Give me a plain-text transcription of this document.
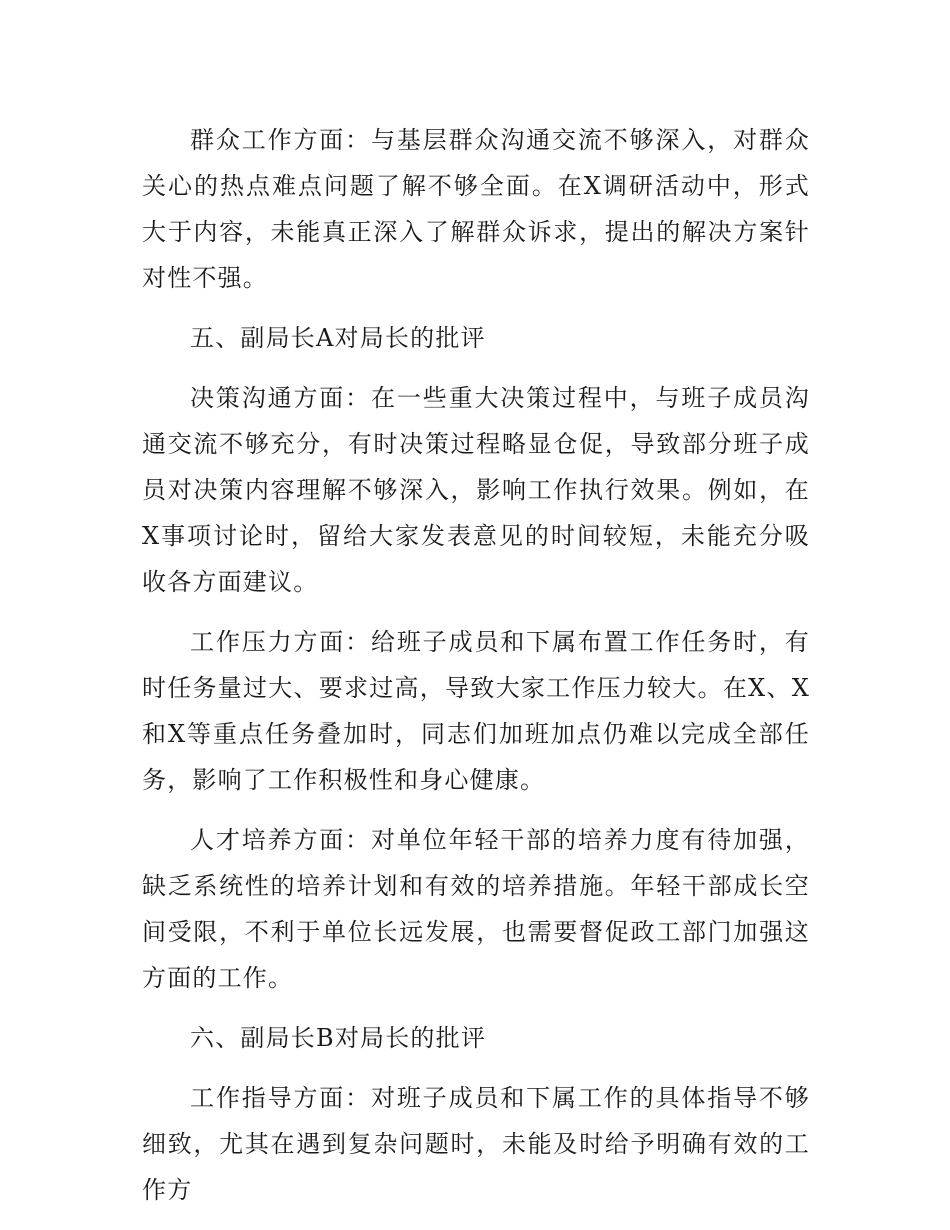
群众工作方面：与基层群众沟通交流不够深入，对群众关心的热点难点问题了解不够全面。在X调研活动中，形式大于内容，未能真正深入了解群众诉求，提出的解决方案针对性不强。

五、副局长A对局长的批评

决策沟通方面：在一些重大决策过程中，与班子成员沟通交流不够充分，有时决策过程略显仓促，导致部分班子成员对决策内容理解不够深入，影响工作执行效果。例如，在X事项讨论时，留给大家发表意见的时间较短，未能充分吸收各方面建议。

工作压力方面：给班子成员和下属布置工作任务时，有时任务量过大、要求过高，导致大家工作压力较大。在X、X和X等重点任务叠加时，同志们加班加点仍难以完成全部任务，影响了工作积极性和身心健康。

人才培养方面：对单位年轻干部的培养力度有待加强，缺乏系统性的培养计划和有效的培养措施。年轻干部成长空间受限，不利于单位长远发展，也需要督促政工部门加强这方面的工作。

六、副局长B对局长的批评

工作指导方面：对班子成员和下属工作的具体指导不够细致，尤其在遇到复杂问题时，未能及时给予明确有效的工作方
